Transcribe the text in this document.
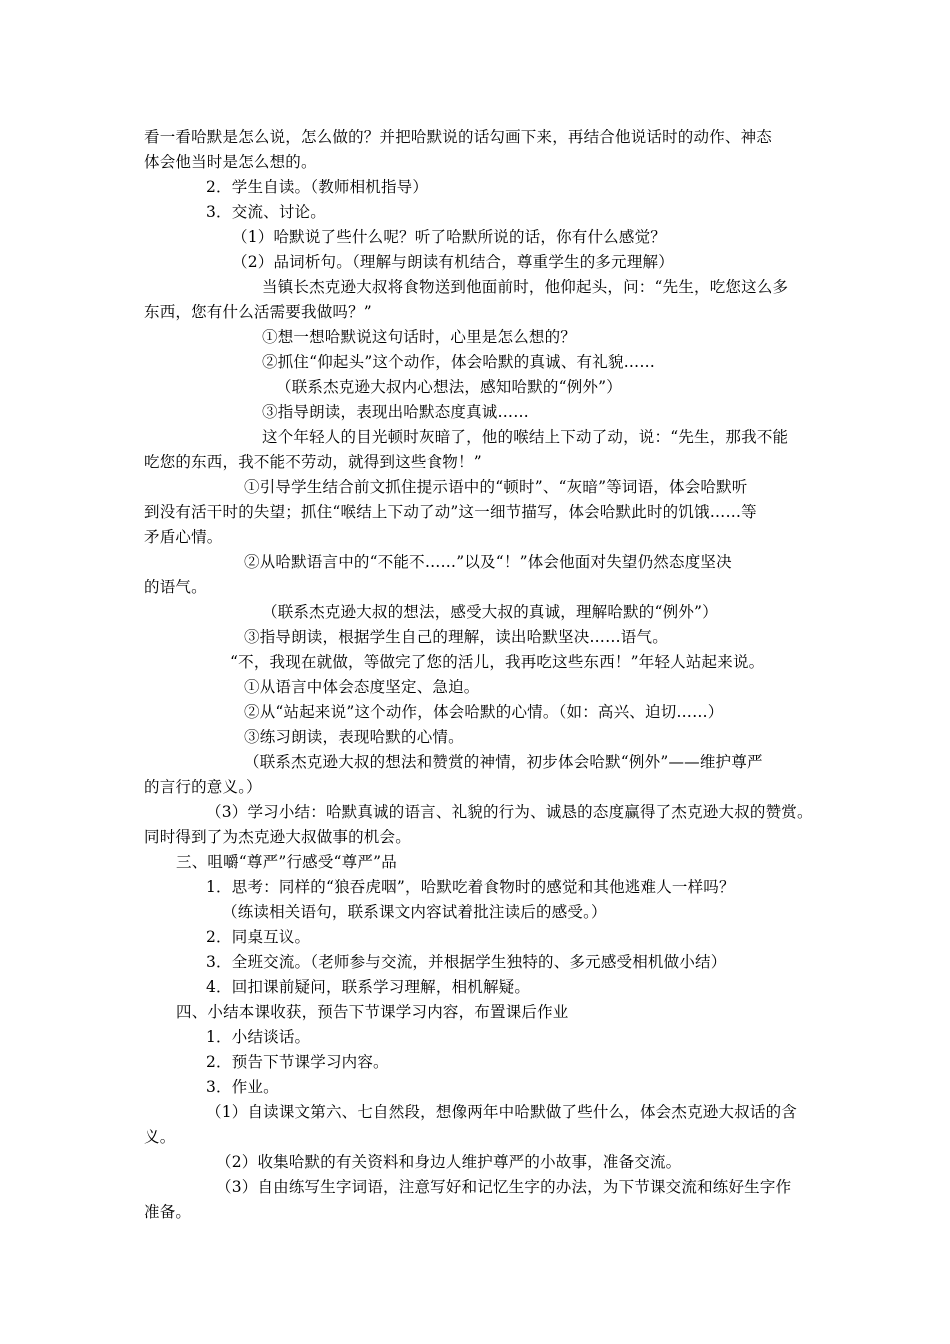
看一看哈默是怎么说，怎么做的？并把哈默说的话勾画下来，再结合他说话时的动作、神态
体会他当时是怎么想的。
2．学生自读。（教师相机指导）
3．交流、讨论。
（1）哈默说了些什么呢？听了哈默所说的话，你有什么感觉？
（2）品词析句。（理解与朗读有机结合，尊重学生的多元理解）
当镇长杰克逊大叔将食物送到他面前时，他仰起头，问：“先生，吃您这么多
东西，您有什么活需要我做吗？”
①想一想哈默说这句话时，心里是怎么想的？
②抓住“仰起头”这个动作，体会哈默的真诚、有礼貌……
（联系杰克逊大叔内心想法，感知哈默的“例外”）
③指导朗读，表现出哈默态度真诚……
这个年轻人的目光顿时灰暗了，他的喉结上下动了动，说：“先生，那我不能
吃您的东西，我不能不劳动，就得到这些食物！”
①引导学生结合前文抓住提示语中的“顿时”、“灰暗”等词语，体会哈默听
到没有活干时的失望；抓住“喉结上下动了动”这一细节描写，体会哈默此时的饥饿……等
矛盾心情。
②从哈默语言中的“不能不……”以及“！”体会他面对失望仍然态度坚决
的语气。
（联系杰克逊大叔的想法，感受大叔的真诚，理解哈默的“例外”）
③指导朗读，根据学生自己的理解，读出哈默坚决……语气。
“不，我现在就做，等做完了您的活儿，我再吃这些东西！”年轻人站起来说。
①从语言中体会态度坚定、急迫。
②从“站起来说”这个动作，体会哈默的心情。（如：高兴、迫切……）
③练习朗读，表现哈默的心情。
（联系杰克逊大叔的想法和赞赏的神情，初步体会哈默“例外”——维护尊严
的言行的意义。）
（3）学习小结：哈默真诚的语言、礼貌的行为、诚恳的态度赢得了杰克逊大叔的赞赏。
同时得到了为杰克逊大叔做事的机会。
三、咀嚼“尊严”行感受“尊严”品
1．思考：同样的“狼吞虎咽”，哈默吃着食物时的感觉和其他逃难人一样吗？
（练读相关语句，联系课文内容试着批注读后的感受。）
2．同桌互议。
3．全班交流。（老师参与交流，并根据学生独特的、多元感受相机做小结）
4．回扣课前疑问，联系学习理解，相机解疑。
四、小结本课收获，预告下节课学习内容，布置课后作业
1．小结谈话。
2．预告下节课学习内容。
3．作业。
（1）自读课文第六、七自然段，想像两年中哈默做了些什么，体会杰克逊大叔话的含
义。
（2）收集哈默的有关资料和身边人维护尊严的小故事，准备交流。
（3）自由练写生字词语，注意写好和记忆生字的办法，为下节课交流和练好生字作
准备。
